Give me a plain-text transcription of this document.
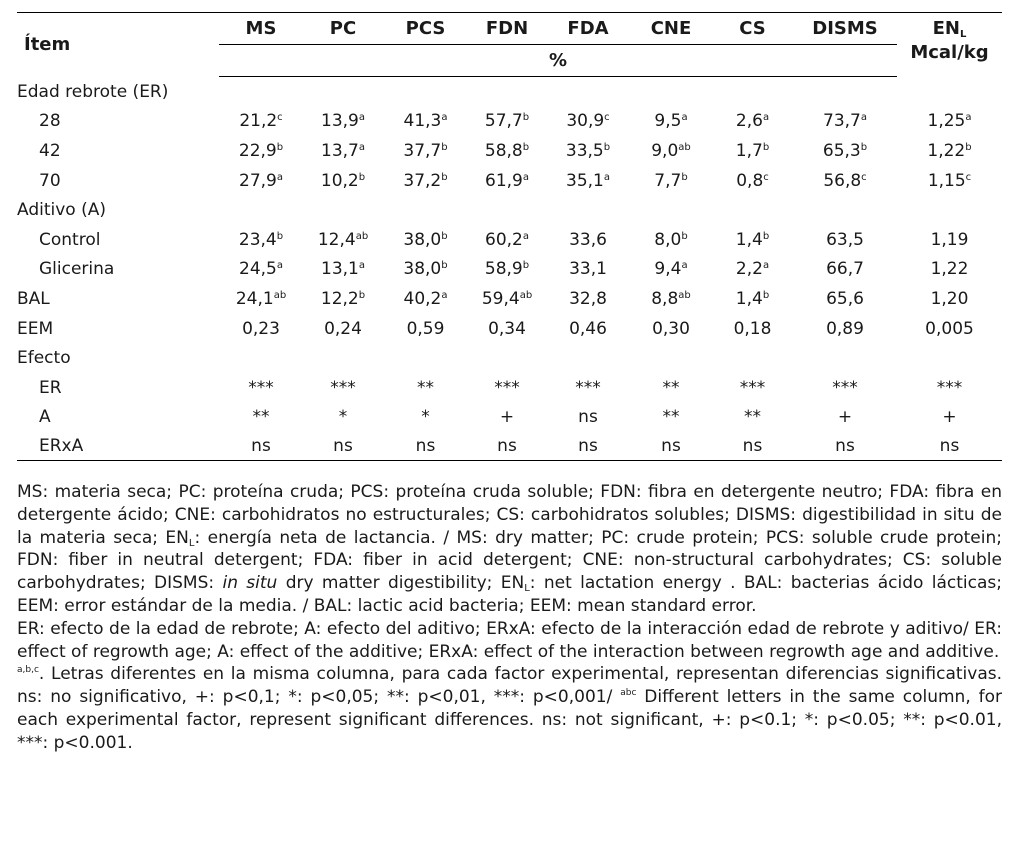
Ítem	MS	PC	PCS	FDN	FDA	CNE	CS	DISMS	$EN_L$
Mcal/kg
	%								
Edad rebrote (ER)									
28	21,2$^c$	13,9$^a$	41,3$^a$	57,7$^b$	30,9$^c$	9,5$^a$	2,6$^a$	73,7$^a$	1,25$^a$
42	22,9$^b$	13,7$^a$	37,7$^b$	58,8$^b$	33,5$^b$	9,0$^{ab}$	1,7$^b$	65,3$^b$	1,22$^b$
70	27,9$^a$	10,2$^b$	37,2$^b$	61,9$^a$	35,1$^a$	7,7$^b$	0,8$^c$	56,8$^c$	1,15$^c$
Aditivo (A)									
Control	23,4$^b$	12,4$^{ab}$	38,0$^b$	60,2$^a$	33,6	8,0$^b$	1,4$^b$	63,5	1,19
Glicerina	24,5$^a$	13,1$^a$	38,0$^b$	58,9$^b$	33,1	9,4$^a$	2,2$^a$	66,7	1,22
BAL	24,1$^{ab}$	12,2$^b$	40,2$^a$	59,4$^{ab}$	32,8	8,8$^{ab}$	1,4$^b$	65,6	1,20
EEM	0,23	0,24	0,59	0,34	0,46	0,30	0,18	0,89	0,005
Efecto									
ER	***	***	**	***	***	**	***	***	***
A	**	*	*	+	ns	**	**	+	+
ERxA	ns	ns	ns	ns	ns	ns	ns	ns	ns

MS: materia seca; PC: proteína cruda; PCS: proteína cruda soluble; FDN: fibra en detergente neutro; FDA: fibra en detergente ácido; CNE: carbohidratos no estructurales; CS: carbohidratos solubles; DISMS: digestibilidad in situ de la materia seca; $EN_L$: energía neta de lactancia. / MS: dry matter; PC: crude protein; PCS: soluble crude protein; FDN: fiber in neutral detergent; FDA: fiber in acid detergent; CNE: non-structural carbohydrates; CS: soluble carbohydrates; DISMS: in situ dry matter digestibility; $EN_L$: net lactation energy . BAL: bacterias ácido lácticas; EEM: error estándar de la media. / BAL: lactic acid bacteria; EEM: mean standard error.

ER: efecto de la edad de rebrote; A: efecto del aditivo; ERxA: efecto de la interacción edad de rebrote y aditivo/ ER: effect of regrowth age; A: effect of the additive; ERxA: effect of the interaction between regrowth age and additive.

$^{a,b,c}$. Letras diferentes en la misma columna, para cada factor experimental, representan diferencias significativas. ns: no significativo, +: p<0,1; *: p<0,05; **: p<0,01, ***: p<0,001/ $^{abc}$ Different letters in the same column, for each experimental factor, represent significant differences. ns: not significant, +: p<0.1; *: p<0.05; **: p<0.01, ***: p<0.001.
